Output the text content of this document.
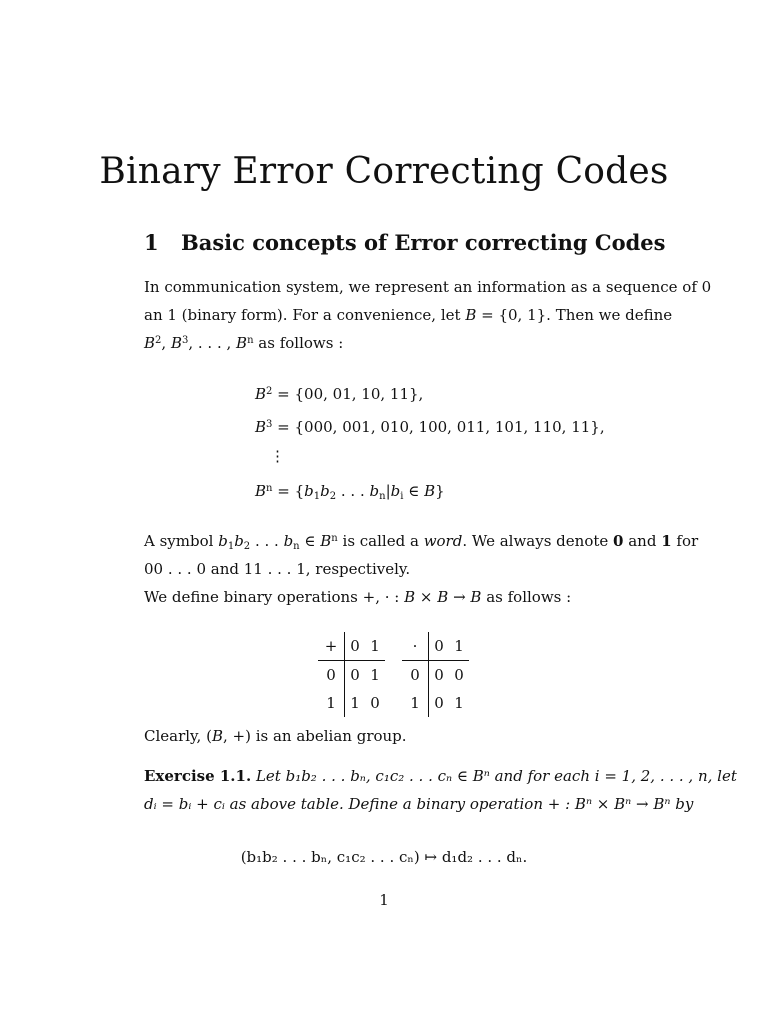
Binary Error Correcting Codes
1 Basic concepts of Error correcting Codes
In communication system, we represent an information as a sequence of 0
an 1 (binary form). For a convenience, let B = {0, 1}. Then we define
$B^2$, $B^3$, . . . , $B^n$ as follows :
$B^2 = \{00$, 01, 10, 11},
$B^3 = \{000$, 001, 010, 100, 011, 101, 110, 11},
⋮
$B^n = \{b_1b_2$ . . . $b_n|b_i$ ∈ B}
A symbol $b_1b_2$ . . . $b_n$ ∈ $B^n$ is called a word. We always denote 0 and 1 for
00 . . . 0 and 11 . . . 1, respectively.
We define binary operations +, · : B × B → B as follows :
+	0	1
0	0	1
1	1	0
·	0	1
0	0	0
1	0	1
Clearly, (B, +) is an abelian group.
Exercise 1.1. Let b₁b₂ . . . bₙ, c₁c₂ . . . cₙ ∈ Bⁿ and for each i = 1, 2, . . . , n, let
dᵢ = bᵢ + cᵢ as above table. Define a binary operation + : Bⁿ × Bⁿ → Bⁿ by
(b₁b₂ . . . bₙ, c₁c₂ . . . cₙ) ↦ d₁d₂ . . . dₙ.
1
